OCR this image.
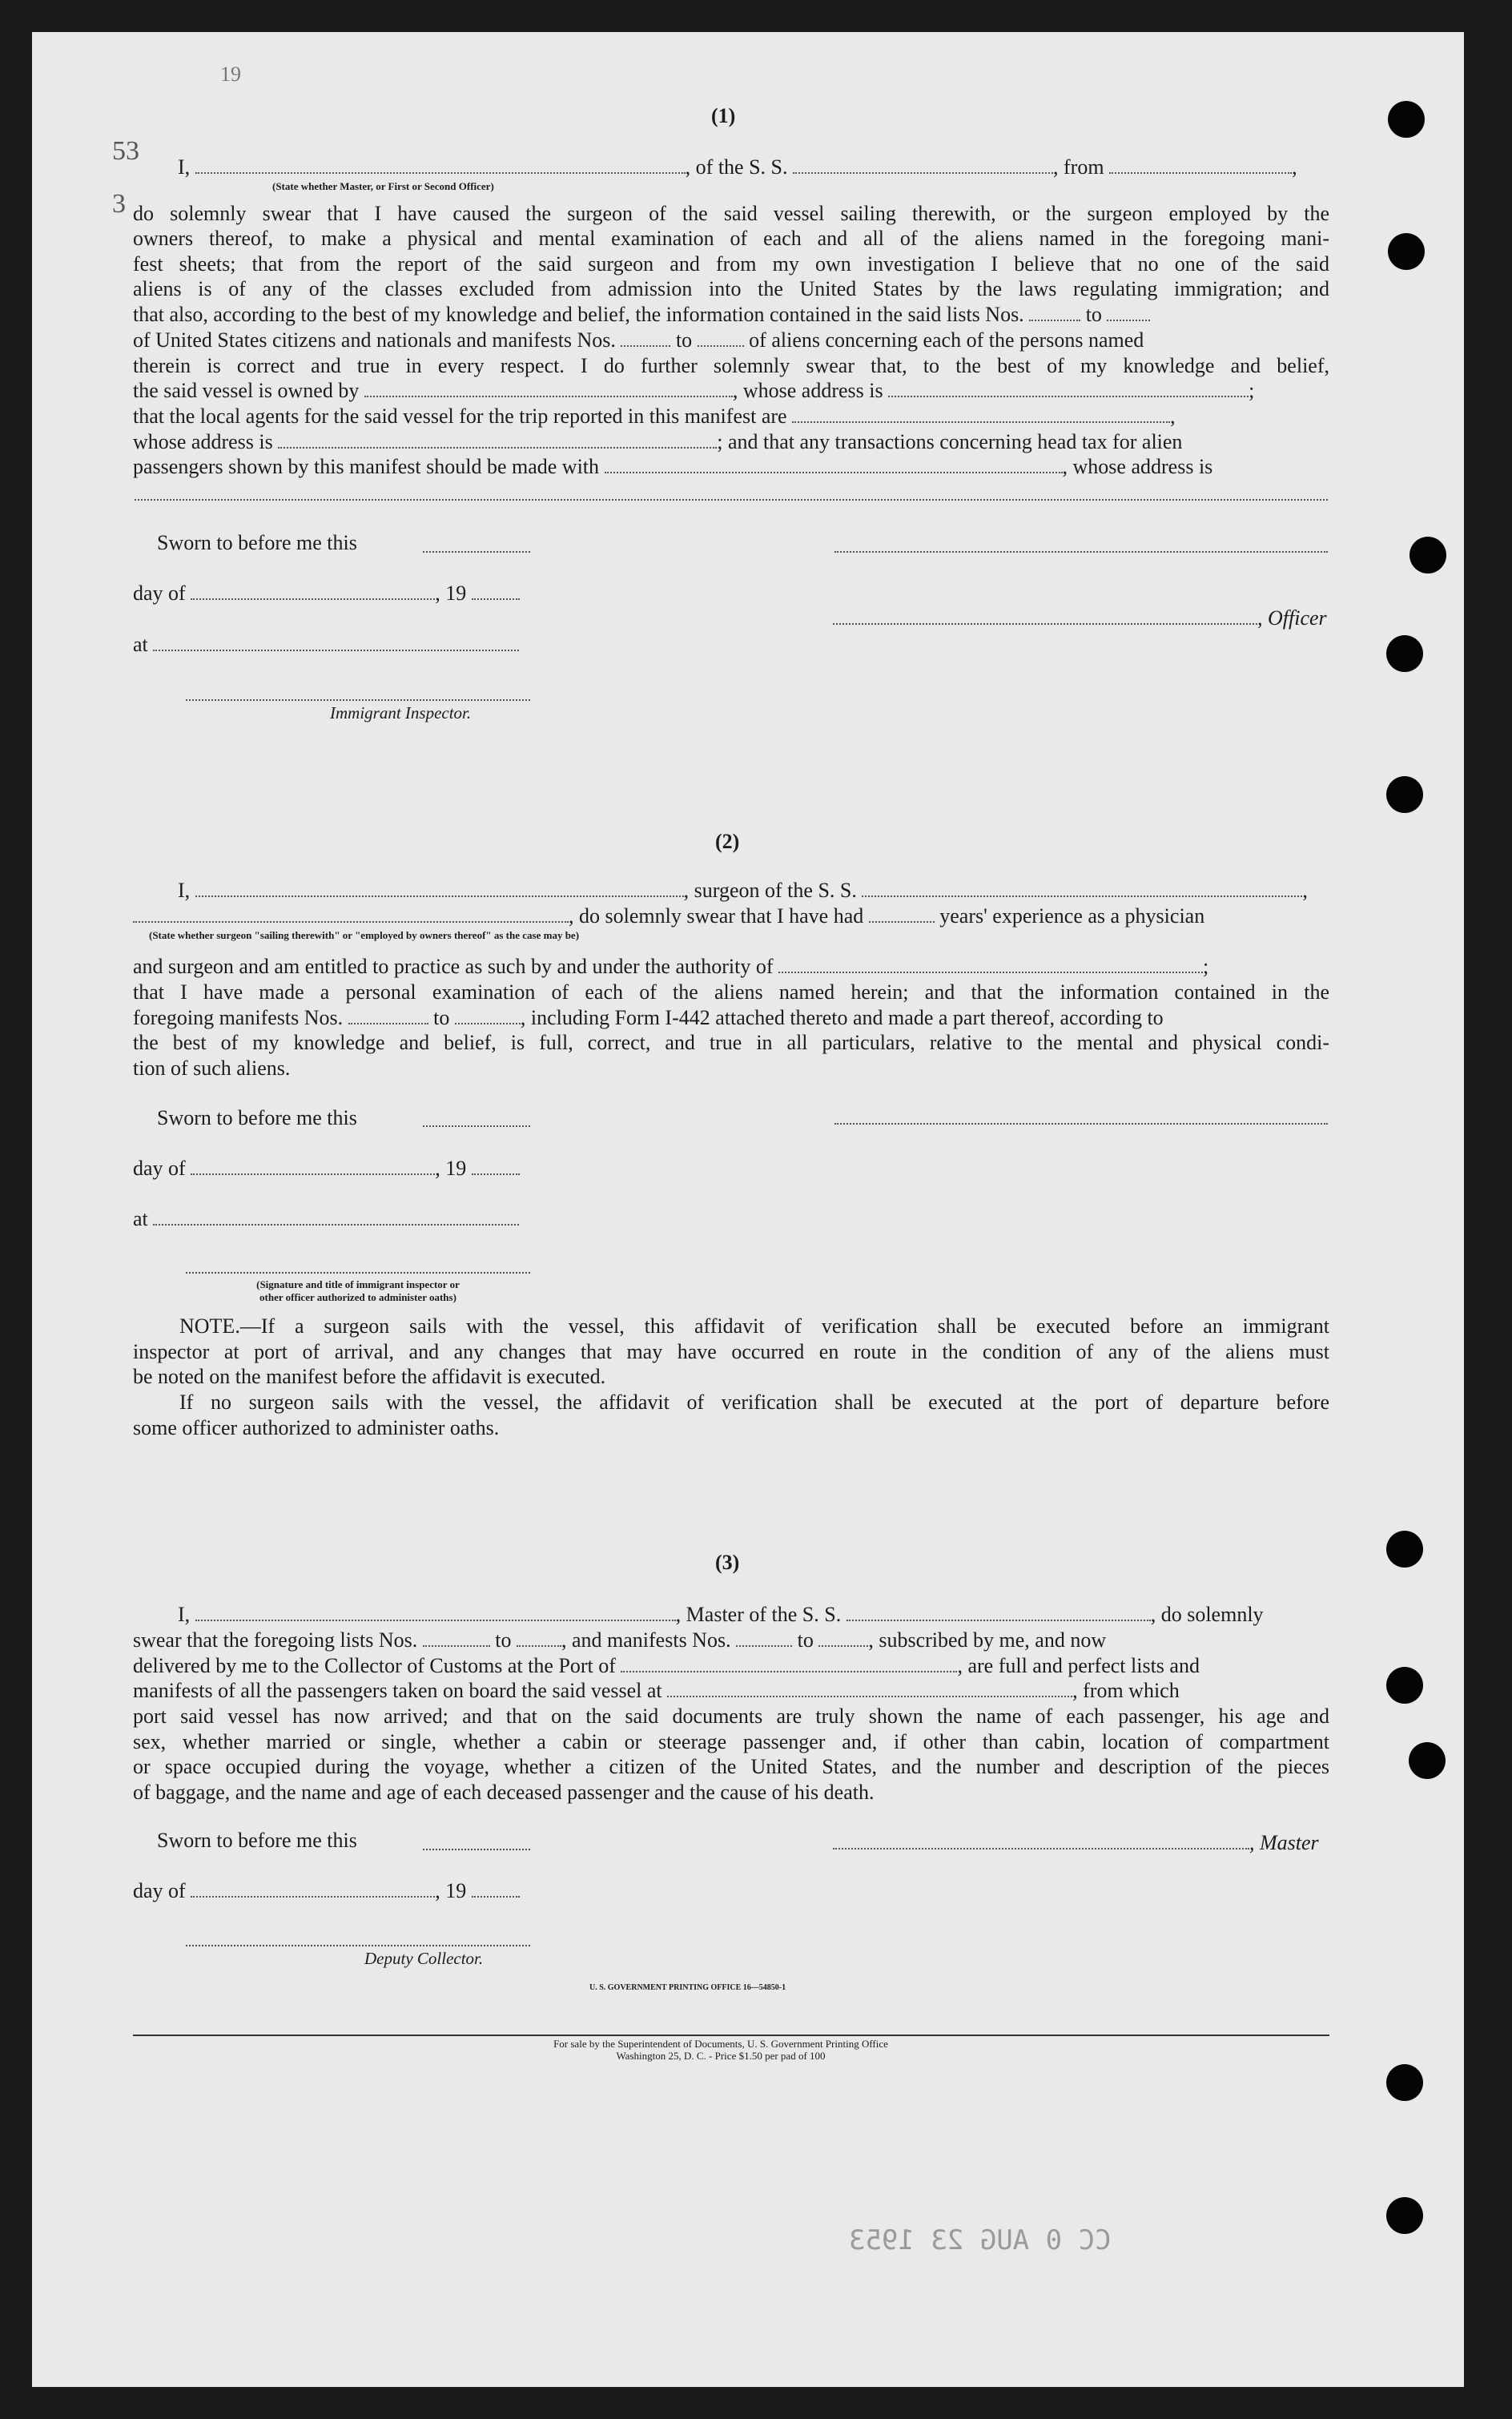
53
3
19
(1)
I,	, of the S. S.	, from	,
(State whether Master, or First or Second Officer)
do solemnly swear that I have caused the surgeon of the said vessel sailing therewith, or the surgeon employed by the
owners thereof, to make a physical and mental examination of each and all of the aliens named in the foregoing mani-
fest sheets; that from the report of the said surgeon and from my own investigation I believe that no one of the said
aliens is of any of the classes excluded from admission into the United States by the laws regulating immigration; and
that also, according to the best of my knowledge and belief, the information contained in the said lists Nos.	to
of United States citizens and nationals and manifests Nos.	to	of aliens concerning each of the persons named
therein is correct and true in every respect. I do further solemnly swear that, to the best of my knowledge and belief,
the said vessel is owned by	, whose address is	;
that the local agents for the said vessel for the trip reported in this manifest are	,
whose address is	; and that any transactions concerning head tax for alien
passengers shown by this manifest should be made with	, whose address is
Sworn to before me this
day of	, 19
, Officer
at
Immigrant Inspector.
(2)
I,	, surgeon of the S. S.	,
, do solemnly swear that I have had	years' experience as a physician
(State whether surgeon "sailing therewith" or "employed by owners thereof" as the case may be)
and surgeon and am entitled to practice as such by and under the authority of	;
that I have made a personal examination of each of the aliens named herein; and that the information contained in the
foregoing manifests Nos.	to	, including Form I-442 attached thereto and made a part thereof, according to
the best of my knowledge and belief, is full, correct, and true in all particulars, relative to the mental and physical condi-
tion of such aliens.
Sworn to before me this
day of	, 19
at
(Signature and title of immigrant inspector or
other officer authorized to administer oaths)
NOTE.—If a surgeon sails with the vessel, this affidavit of verification shall be executed before an immigrant
inspector at port of arrival, and any changes that may have occurred en route in the condition of any of the aliens must
be noted on the manifest before the affidavit is executed.
If no surgeon sails with the vessel, the affidavit of verification shall be executed at the port of departure before
some officer authorized to administer oaths.
(3)
I,	, Master of the S. S.	, do solemnly
swear that the foregoing lists Nos.	to , and manifests Nos.	to	, subscribed by me, and now
delivered by me to the Collector of Customs at the Port of	, are full and perfect lists and
manifests of all the passengers taken on board the said vessel at	, from which
port said vessel has now arrived; and that on the said documents are truly shown the name of each passenger, his age and
sex, whether married or single, whether a cabin or steerage passenger and, if other than cabin, location of compartment
or space occupied during the voyage, whether a citizen of the United States, and the number and description of the pieces
of baggage, and the name and age of each deceased passenger and the cause of his death.
Sworn to before me this	, Master
day of	, 19
Deputy Collector.
U. S. GOVERNMENT PRINTING OFFICE 16—54850-1
For sale by the Superintendent of Documents, U. S. Government Printing Office
Washington 25, D. C. - Price $1.50 per pad of 100
CC 0 AUG 23 1953
